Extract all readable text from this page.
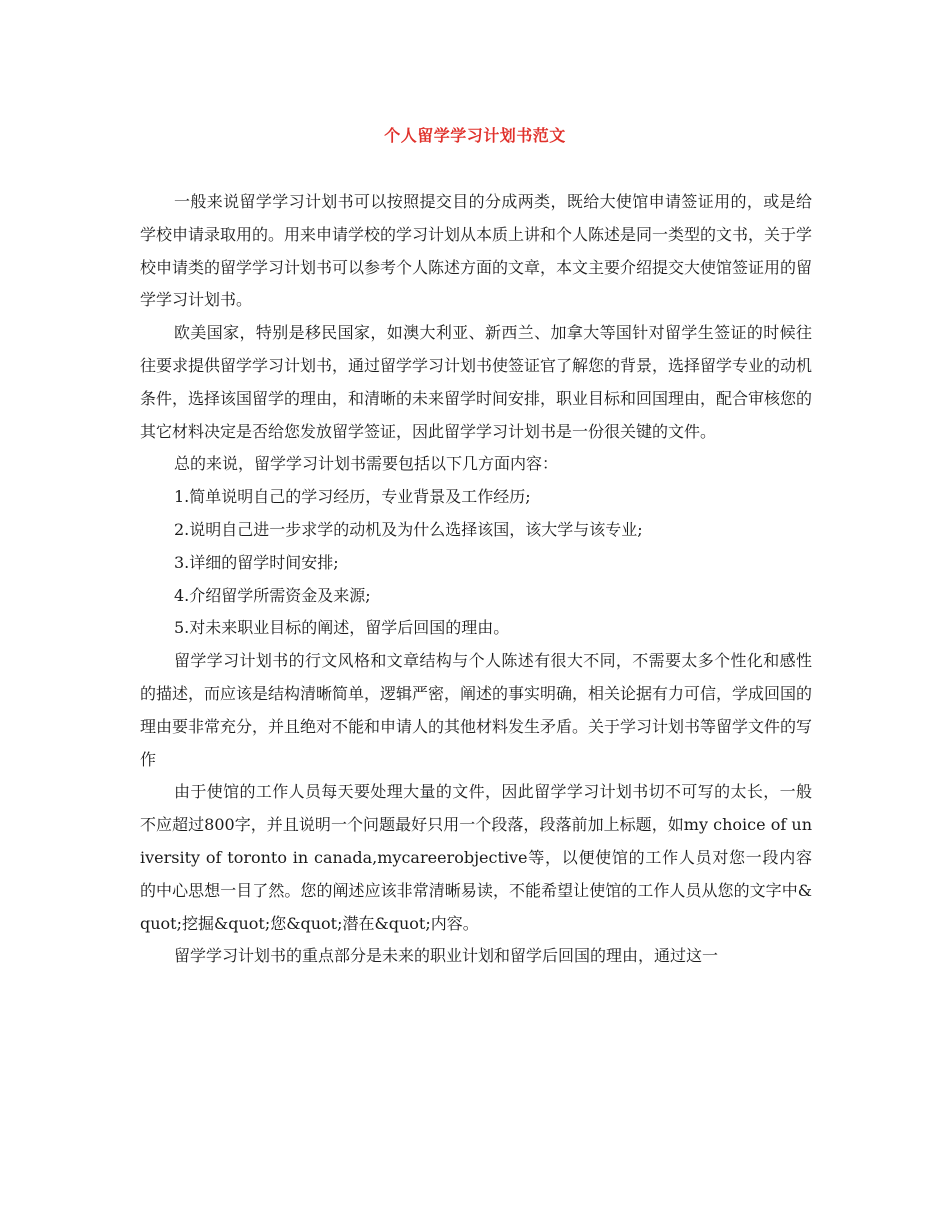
个人留学学习计划书范文

一般来说留学学习计划书可以按照提交目的分成两类，既给大使馆申请签证用的，或是给学校申请录取用的。用来申请学校的学习计划从本质上讲和个人陈述是同一类型的文书，关于学校申请类的留学学习计划书可以参考个人陈述方面的文章，本文主要介绍提交大使馆签证用的留学学习计划书。

欧美国家，特别是移民国家，如澳大利亚、新西兰、加拿大等国针对留学生签证的时候往往要求提供留学学习计划书，通过留学学习计划书使签证官了解您的背景，选择留学专业的动机条件，选择该国留学的理由，和清晰的未来留学时间安排，职业目标和回国理由，配合审核您的其它材料决定是否给您发放留学签证，因此留学学习计划书是一份很关键的文件。

总的来说，留学学习计划书需要包括以下几方面内容：

1.简单说明自己的学习经历，专业背景及工作经历;

2.说明自己进一步求学的动机及为什么选择该国，该大学与该专业;

3.详细的留学时间安排;

4.介绍留学所需资金及来源;

5.对未来职业目标的阐述，留学后回国的理由。

留学学习计划书的行文风格和文章结构与个人陈述有很大不同，不需要太多个性化和感性的描述，而应该是结构清晰简单，逻辑严密，阐述的事实明确，相关论据有力可信，学成回国的理由要非常充分，并且绝对不能和申请人的其他材料发生矛盾。关于学习计划书等留学文件的写作

由于使馆的工作人员每天要处理大量的文件，因此留学学习计划书切不可写的太长，一般不应超过800字，并且说明一个问题最好只用一个段落，段落前加上标题，如my choice of university of toronto in canada,mycareerobjective等，以便使馆的工作人员对您一段内容的中心思想一目了然。您的阐述应该非常清晰易读，不能希望让使馆的工作人员从您的文字中&quot;挖掘&quot;您&quot;潜在&quot;内容。

留学学习计划书的重点部分是未来的职业计划和留学后回国的理由，通过这一
